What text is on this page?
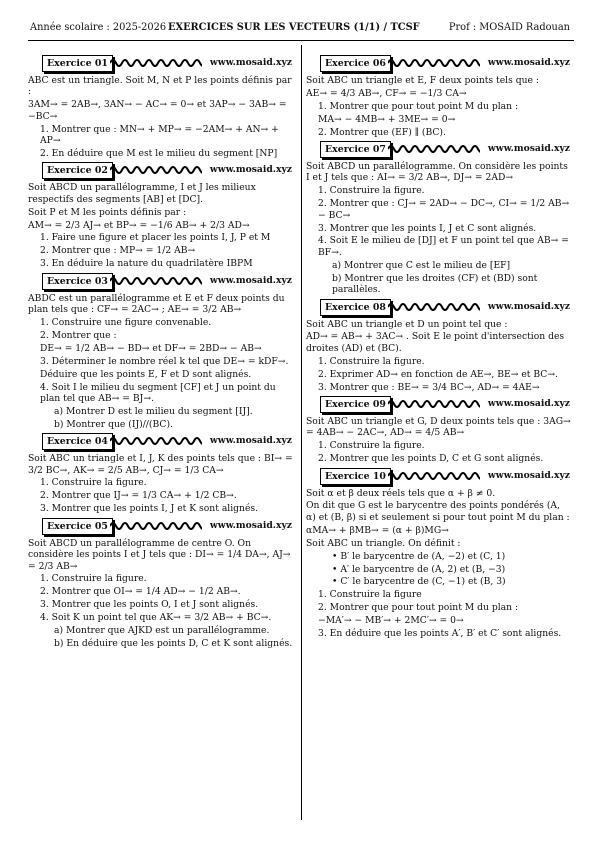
Année scolaire : 2025-2026 EXERCICES SUR LES VECTEURS (1/1) / TCSF	Prof : MOSAID Radouan
Exercice 01	www.mosaid.xyz
ABC est un triangle. Soit M, N et P les points définis par :
3AM→ = 2AB→, 3AN→ − AC→ = 0→ et 3AP→ − 3AB→ = −BC→
1. Montrer que : MN→ + MP→ = −2AM→ + AN→ + AP→
2. En déduire que M est le milieu du segment [NP]
Exercice 02	www.mosaid.xyz
Soit ABCD un parallélogramme, I et J les milieux respectifs des segments [AB] et [DC].
Soit P et M les points définis par :
AM→ = 2/3 AJ→ et BP→ = −1/6 AB→ + 2/3 AD→
1. Faire une figure et placer les points I, J, P et M
2. Montrer que : MP→ = 1/2 AB→
3. En déduire la nature du quadrilatère IBPM
Exercice 03	www.mosaid.xyz
ABDC est un parallélogramme et E et F deux points du plan tels que : CF→ = 2AC→ ; AE→ = 3/2 AB→
1. Construire une figure convenable.
2. Montrer que :
DE→ = 1/2 AB→ − BD→ et DF→ = 2BD→ − AB→
3. Déterminer le nombre réel k tel que DE→ = kDF→.
Déduire que les points E, F et D sont alignés.
4. Soit I le milieu du segment [CF] et J un point du plan tel que AB→ = BJ→.
a) Montrer D est le milieu du segment [IJ].
b) Montrer que (IJ)//(BC).
Exercice 04	www.mosaid.xyz
Soit ABC un triangle et I, J, K des points tels que : BI→ = 3/2 BC→, AK→ = 2/5 AB→, CJ→ = 1/3 CA→
1. Construire la figure.
2. Montrer que IJ→ = 1/3 CA→ + 1/2 CB→.
3. Montrer que les points I, J et K sont alignés.
Exercice 05	www.mosaid.xyz
Soit ABCD un parallélogramme de centre O. On considère les points I et J tels que : DI→ = 1/4 DA→, AJ→ = 2/3 AB→
1. Construire la figure.
2. Montrer que OI→ = 1/4 AD→ − 1/2 AB→.
3. Montrer que les points O, I et J sont alignés.
4. Soit K un point tel que AK→ = 3/2 AB→ + BC→.
a) Montrer que AJKD est un parallélogramme.
b) En déduire que les points D, C et K sont alignés.
Exercice 06	www.mosaid.xyz
Soit ABC un triangle et E, F deux points tels que :
AE→ = 4/3 AB→, CF→ = −1/3 CA→
1. Montrer que pour tout point M du plan :
MA→ − 4MB→ + 3ME→ = 0→
2. Montrer que (EF) ∥ (BC).
Exercice 07	www.mosaid.xyz
Soit ABCD un parallélogramme. On considère les points I et J tels que : AI→ = 3/2 AB→, DJ→ = 2AD→
1. Construire la figure.
2. Montrer que : CJ→ = 2AD→ − DC→, CI→ = 1/2 AB→ − BC→
3. Montrer que les points I, J et C sont alignés.
4. Soit E le milieu de [DJ] et F un point tel que AB→ = BF→.
a) Montrer que C est le milieu de [EF]
b) Montrer que les droites (CF) et (BD) sont parallèles.
Exercice 08	www.mosaid.xyz
Soit ABC un triangle et D un point tel que :
AD→ = AB→ + 3AC→ . Soit E le point d'intersection des droites (AD) et (BC).
1. Construire la figure.
2. Exprimer AD→ en fonction de AE→, BE→ et BC→.
3. Montrer que : BE→ = 3/4 BC→, AD→ = 4AE→
Exercice 09	www.mosaid.xyz
Soit ABC un triangle et G, D deux points tels que : 3AG→ = 4AB→ − 2AC→, AD→ = 4/5 AB→
1. Construire la figure.
2. Montrer que les points D, C et G sont alignés.
Exercice 10	www.mosaid.xyz
Soit α et β deux réels tels que α + β ≠ 0.
On dit que G est le barycentre des points pondérés (A, α) et (B, β) si et seulement si pour tout point M du plan :
αMA→ + βMB→ = (α + β)MG→
Soit ABC un triangle. On définit :
• B′ le barycentre de (A, −2) et (C, 1)
• A′ le barycentre de (A, 2) et (B, −3)
• C′ le barycentre de (C, −1) et (B, 3)
1. Construire la figure
2. Montrer que pour tout point M du plan :
−MA′→ − MB′→ + 2MC′→ = 0→
3. En déduire que les points A′, B′ et C′ sont alignés.
